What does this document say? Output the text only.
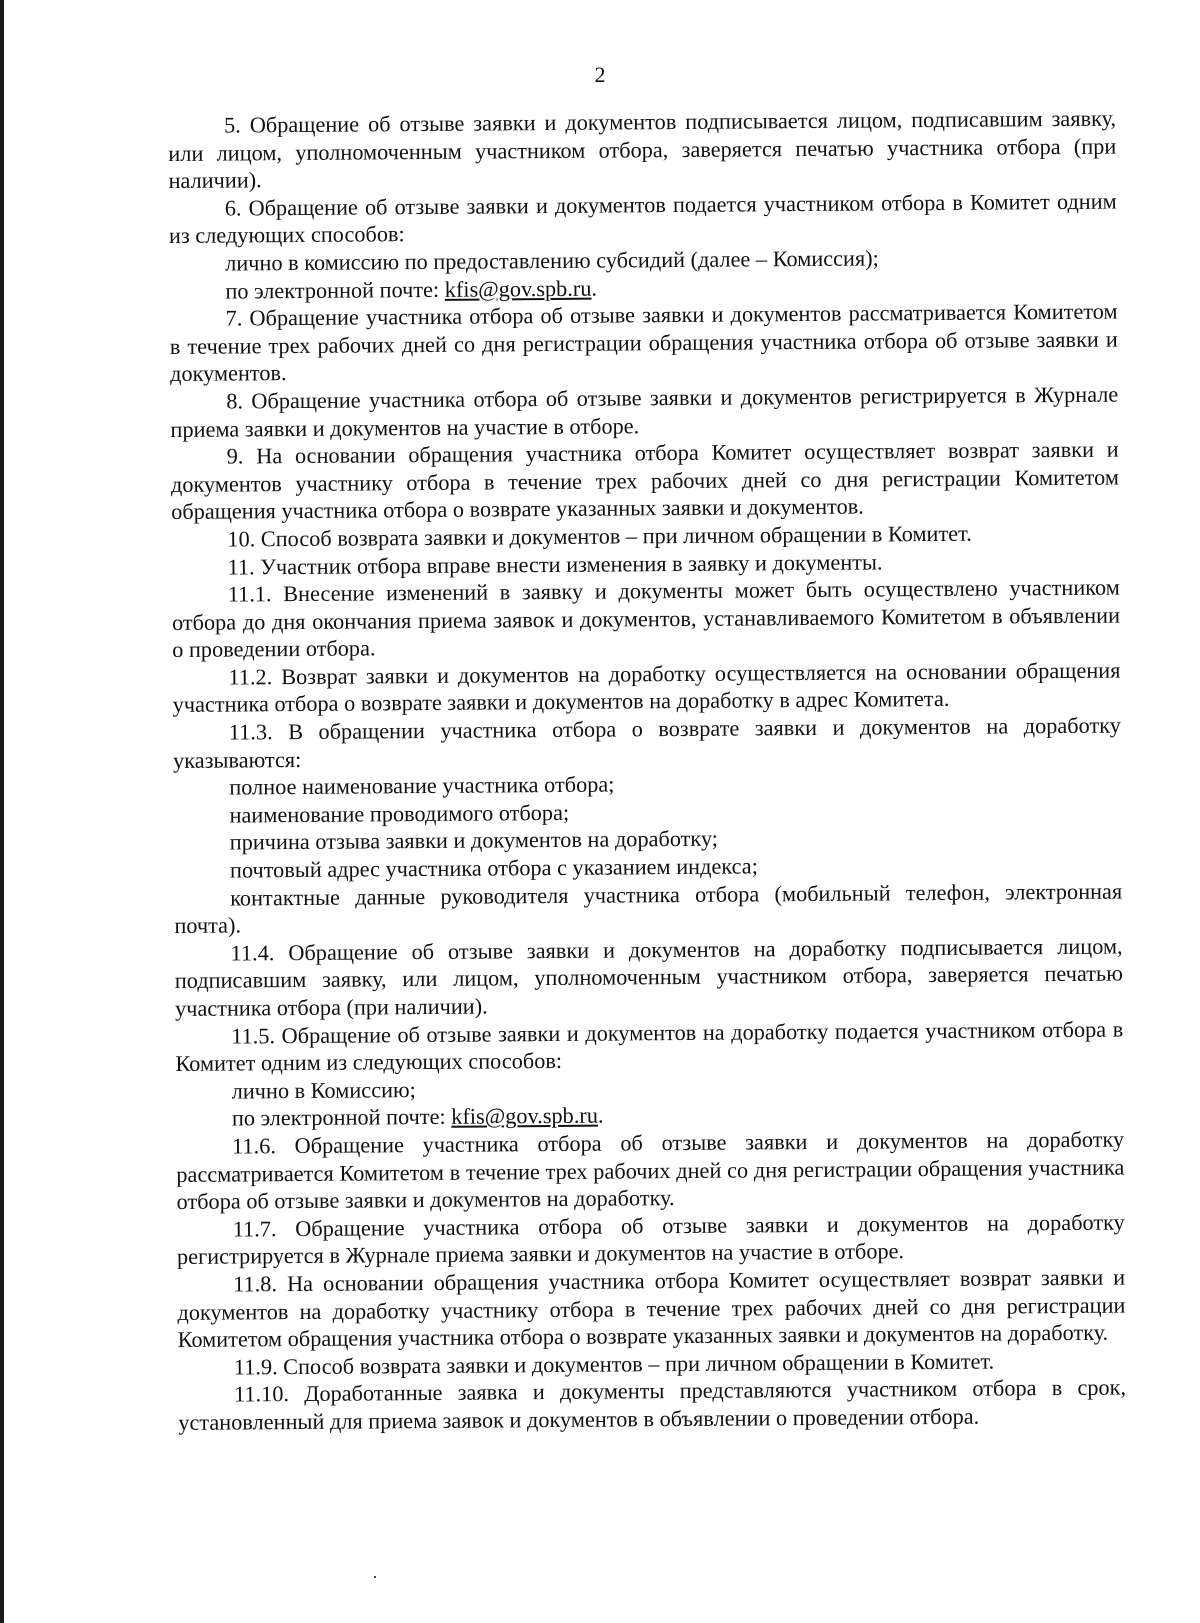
2

5. Обращение об отзыве заявки и документов подписывается лицом, подписавшим заявку, или лицом, уполномоченным участником отбора, заверяется печатью участника отбора (при наличии).

6. Обращение об отзыве заявки и документов подается участником отбора в Комитет одним из следующих способов:

лично в комиссию по предоставлению субсидий (далее – Комиссия);

по электронной почте: kfis@gov.spb.ru.

7. Обращение участника отбора об отзыве заявки и документов рассматривается Комитетом в течение трех рабочих дней со дня регистрации обращения участника отбора об отзыве заявки и документов.

8. Обращение участника отбора об отзыве заявки и документов регистрируется в Журнале приема заявки и документов на участие в отборе.

9. На основании обращения участника отбора Комитет осуществляет возврат заявки и документов участнику отбора в течение трех рабочих дней со дня регистрации Комитетом обращения участника отбора о возврате указанных заявки и документов.

10. Способ возврата заявки и документов – при личном обращении в Комитет.

11. Участник отбора вправе внести изменения в заявку и документы.

11.1. Внесение изменений в заявку и документы может быть осуществлено участником отбора до дня окончания приема заявок и документов, устанавливаемого Комитетом в объявлении о проведении отбора.

11.2. Возврат заявки и документов на доработку осуществляется на основании обращения участника отбора о возврате заявки и документов на доработку в адрес Комитета.

11.3. В обращении участника отбора о возврате заявки и документов на доработку указываются:

полное наименование участника отбора;

наименование проводимого отбора;

причина отзыва заявки и документов на доработку;

почтовый адрес участника отбора с указанием индекса;

контактные данные руководителя участника отбора (мобильный телефон, электронная почта).

11.4. Обращение об отзыве заявки и документов на доработку подписывается лицом, подписавшим заявку, или лицом, уполномоченным участником отбора, заверяется печатью участника отбора (при наличии).

11.5. Обращение об отзыве заявки и документов на доработку подается участником отбора в Комитет одним из следующих способов:

лично в Комиссию;

по электронной почте: kfis@gov.spb.ru.

11.6. Обращение участника отбора об отзыве заявки и документов на доработку рассматривается Комитетом в течение трех рабочих дней со дня регистрации обращения участника отбора об отзыве заявки и документов на доработку.

11.7. Обращение участника отбора об отзыве заявки и документов на доработку регистрируется в Журнале приема заявки и документов на участие в отборе.

11.8. На основании обращения участника отбора Комитет осуществляет возврат заявки и документов на доработку участнику отбора в течение трех рабочих дней со дня регистрации Комитетом обращения участника отбора о возврате указанных заявки и документов на доработку.

11.9. Способ возврата заявки и документов – при личном обращении в Комитет.

11.10. Доработанные заявка и документы представляются участником отбора в срок, установленный для приема заявок и документов в объявлении о проведении отбора.
